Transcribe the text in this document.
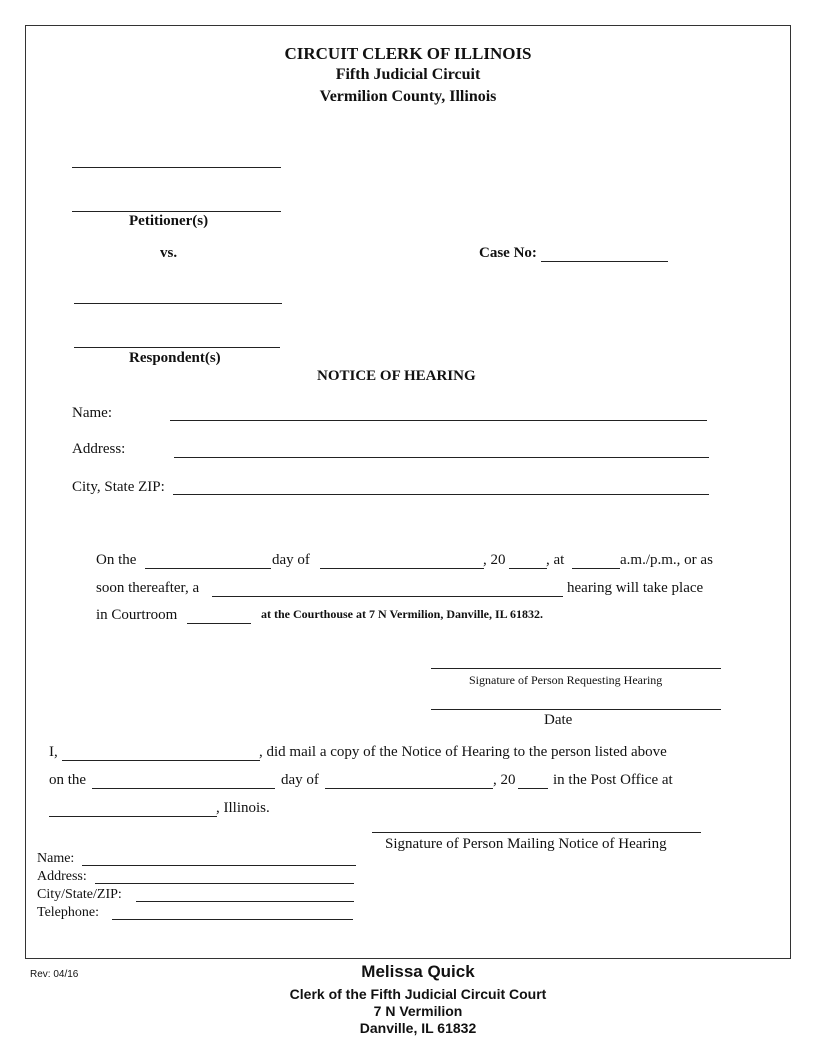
CIRCUIT CLERK OF ILLINOIS
Fifth Judicial Circuit
Vermilion County, Illinois
Petitioner(s)
vs.	Case No:
Respondent(s)
NOTICE OF HEARING
Name:
Address:
City, State ZIP:
On the	day of	, 20	, at	a.m./p.m., or as
soon thereafter, a	hearing will take place
in Courtroom	at the Courthouse at 7 N Vermilion, Danville, IL 61832.
Signature of Person Requesting Hearing
Date
I,	, did mail a copy of the Notice of Hearing to the person listed above
on the	day of	, 20	in the Post Office at
, Illinois.
Signature of Person Mailing Notice of Hearing
Name:
Address:
City/State/ZIP:
Telephone:
Rev: 04/16	Melissa Quick
Clerk of the Fifth Judicial Circuit Court
7 N Vermilion
Danville, IL 61832
